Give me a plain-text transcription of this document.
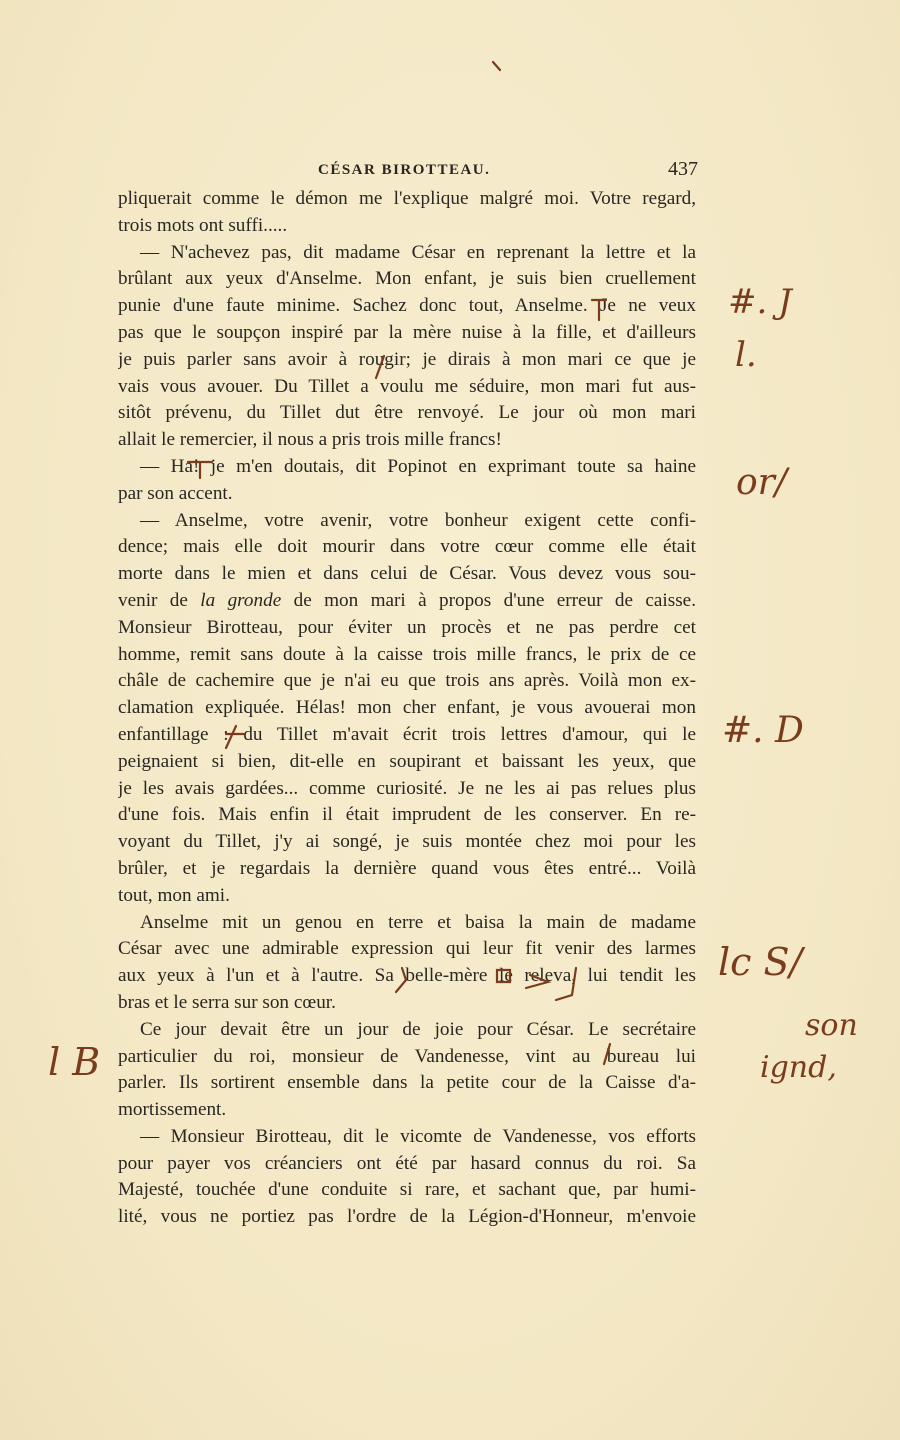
CÉSAR BIROTTEAU.	437
pliquerait comme le démon me l'explique malgré moi. Votre regard,
trois mots ont suffi.....
— N'achevez pas, dit madame César en reprenant la lettre et la
brûlant aux yeux d'Anselme. Mon enfant, je suis bien cruellement
punie d'une faute minime. Sachez donc tout, Anselme. Je ne veux
pas que le soupçon inspiré par la mère nuise à la fille, et d'ailleurs
je puis parler sans avoir à rougir; je dirais à mon mari ce que je
vais vous avouer. Du Tillet a voulu me séduire, mon mari fut aus-
sitôt prévenu, du Tillet dut être renvoyé. Le jour où mon mari
allait le remercier, il nous a pris trois mille francs!
— Ha! je m'en doutais, dit Popinot en exprimant toute sa haine
par son accent.
— Anselme, votre avenir, votre bonheur exigent cette confi-
dence; mais elle doit mourir dans votre cœur comme elle était
morte dans le mien et dans celui de César. Vous devez vous sou-
venir de la gronde de mon mari à propos d'une erreur de caisse.
Monsieur Birotteau, pour éviter un procès et ne pas perdre cet
homme, remit sans doute à la caisse trois mille francs, le prix de ce
châle de cachemire que je n'ai eu que trois ans après. Voilà mon ex-
clamation expliquée. Hélas! mon cher enfant, je vous avouerai mon
enfantillage : du Tillet m'avait écrit trois lettres d'amour, qui le
peignaient si bien, dit-elle en soupirant et baissant les yeux, que
je les avais gardées... comme curiosité. Je ne les ai pas relues plus
d'une fois. Mais enfin il était imprudent de les conserver. En re-
voyant du Tillet, j'y ai songé, je suis montée chez moi pour les
brûler, et je regardais la dernière quand vous êtes entré... Voilà
tout, mon ami.
Anselme mit un genou en terre et baisa la main de madame
César avec une admirable expression qui leur fit venir des larmes
aux yeux à l'un et à l'autre. Sa belle-mère le releva, lui tendit les
bras et le serra sur son cœur.
Ce jour devait être un jour de joie pour César. Le secrétaire
particulier du roi, monsieur de Vandenesse, vint au bureau lui
parler. Ils sortirent ensemble dans la petite cour de la Caisse d'a-
mortissement.
— Monsieur Birotteau, dit le vicomte de Vandenesse, vos efforts
pour payer vos créanciers ont été par hasard connus du roi. Sa
Majesté, touchée d'une conduite si rare, et sachant que, par humi-
lité, vous ne portiez pas l'ordre de la Légion-d'Honneur, m'envoie
#. J
l.
or/
#. D
lc S/
son
ignd,
l B
